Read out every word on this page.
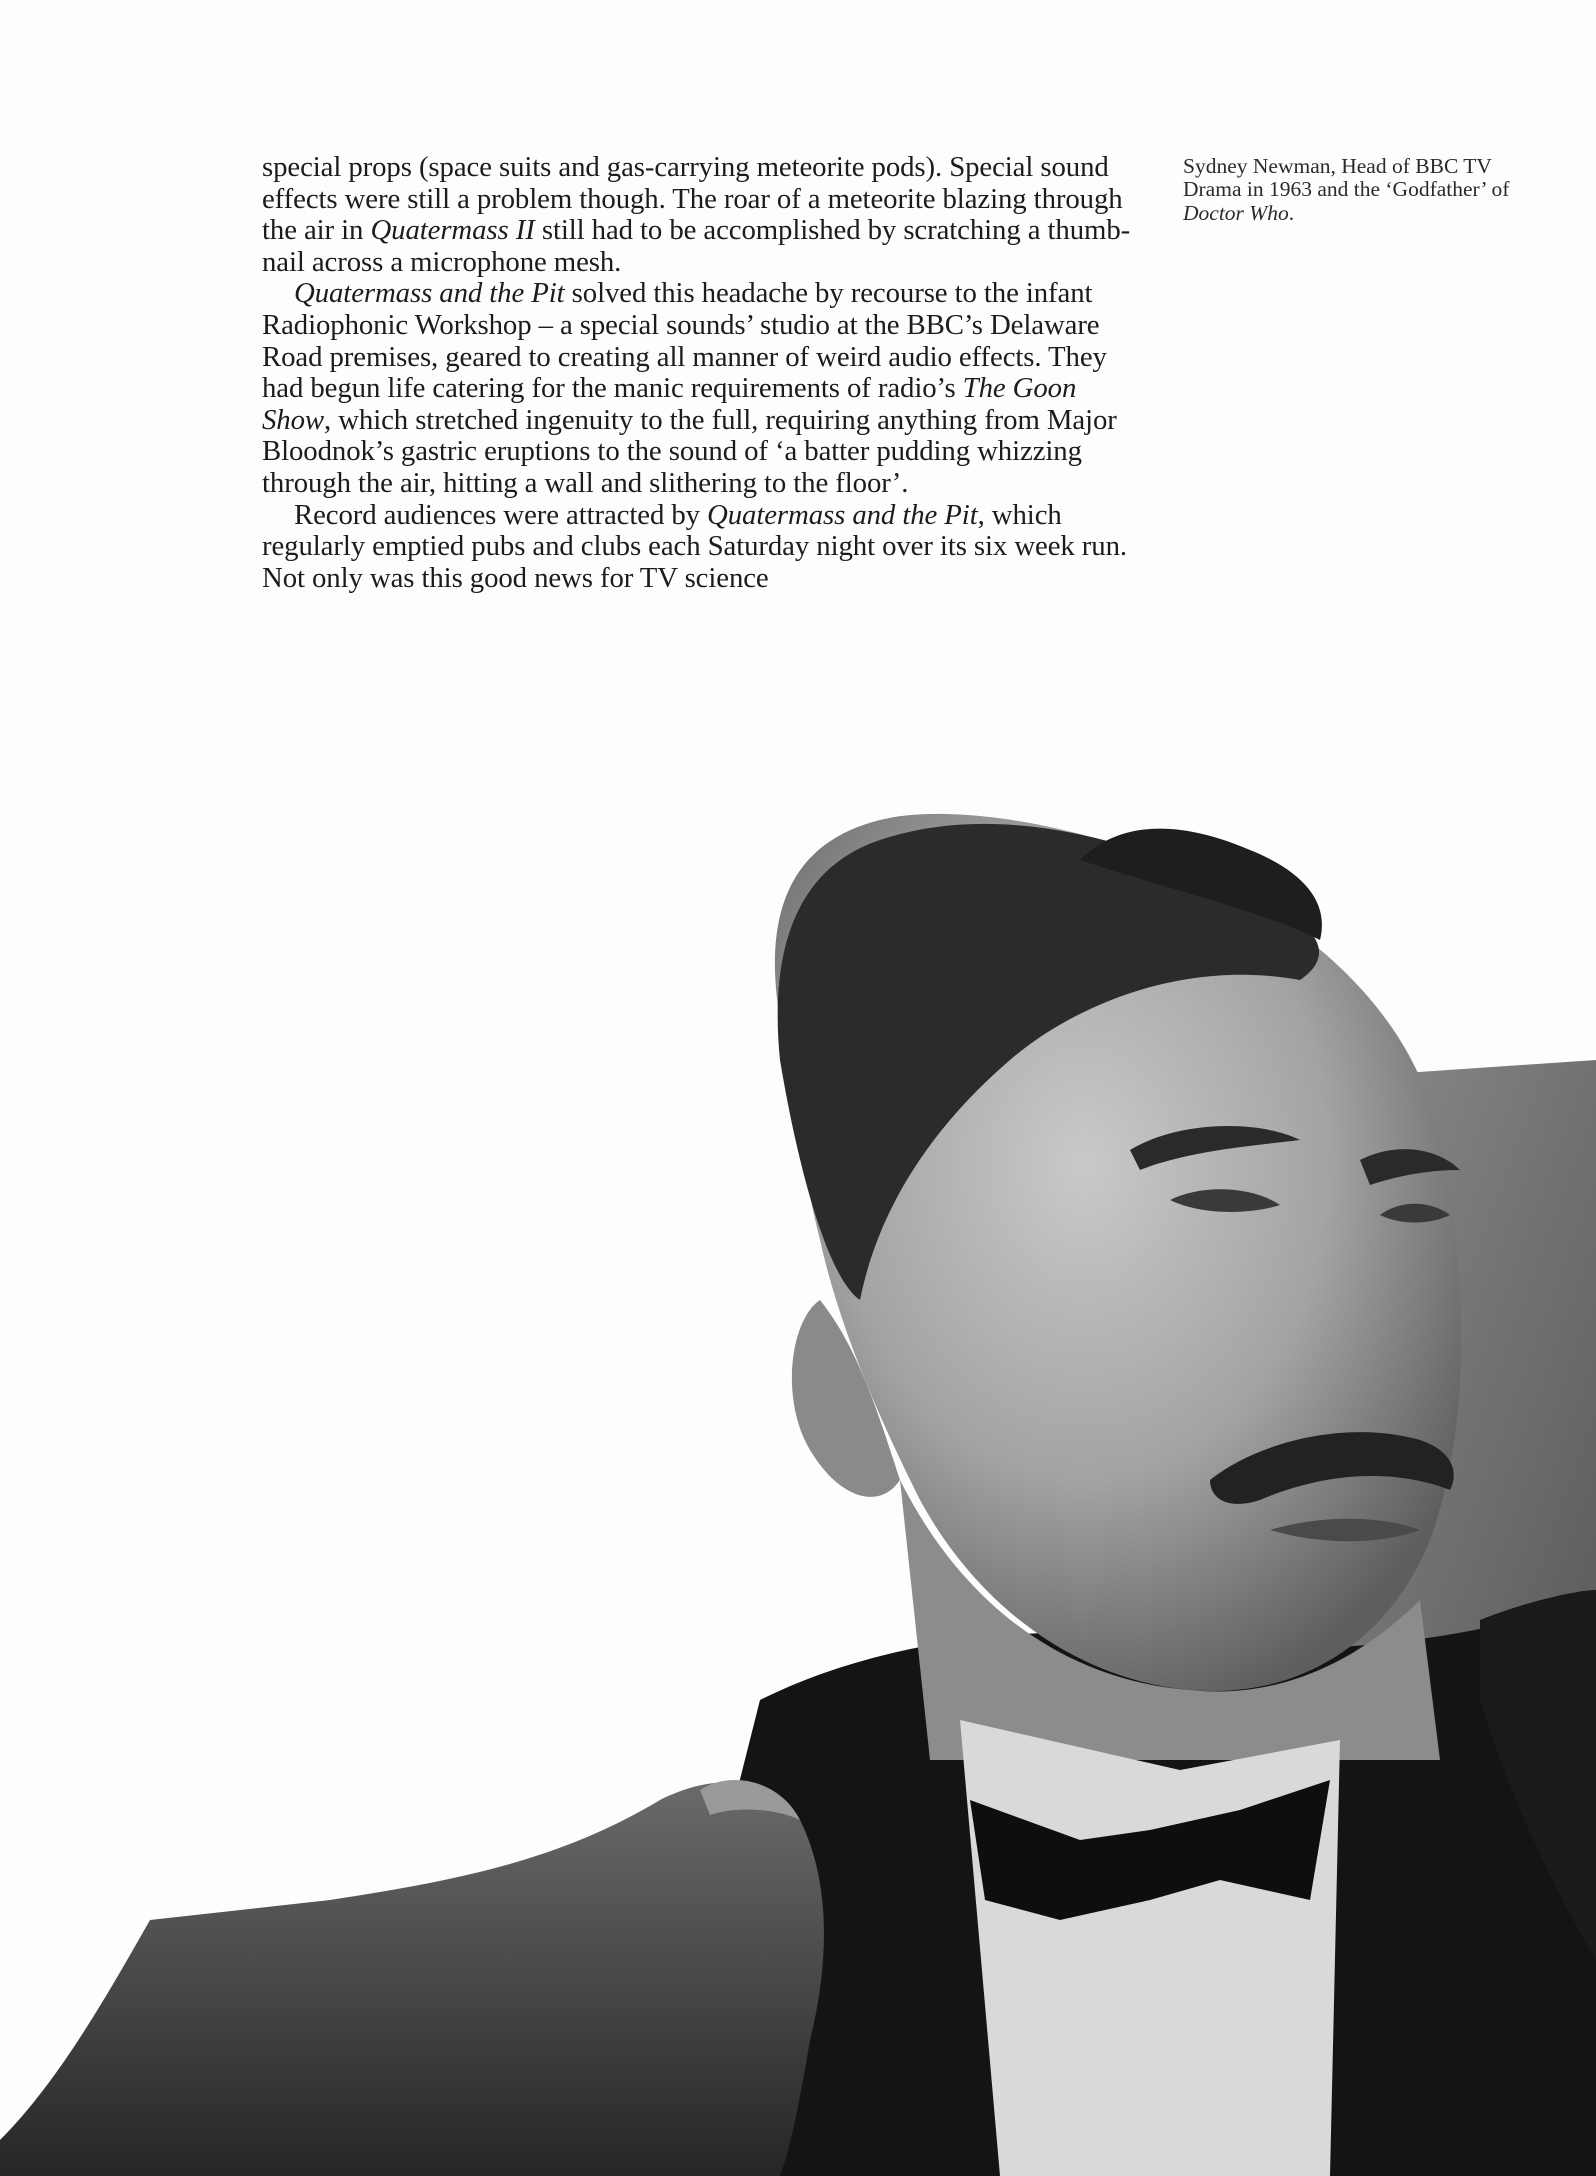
special props (space suits and gas-carrying meteorite pods). Special sound effects were still a problem though. The roar of a meteorite blazing through the air in Quatermass II still had to be accomplished by scratching a thumb-nail across a microphone mesh.

Quatermass and the Pit solved this headache by recourse to the infant Radiophonic Workshop – a special sounds’ studio at the BBC’s Delaware Road premises, geared to creating all manner of weird audio effects. They had begun life catering for the manic requirements of radio’s The Goon Show, which stretched ingenuity to the full, requiring anything from Major Bloodnok’s gastric eruptions to the sound of ‘a batter pudding whizzing through the air, hitting a wall and slithering to the floor’.

Record audiences were attracted by Quatermass and the Pit, which regularly emptied pubs and clubs each Saturday night over its six week run. Not only was this good news for TV science

Sydney Newman, Head of BBC TV Drama in 1963 and the ‘Godfather’ of Doctor Who.
